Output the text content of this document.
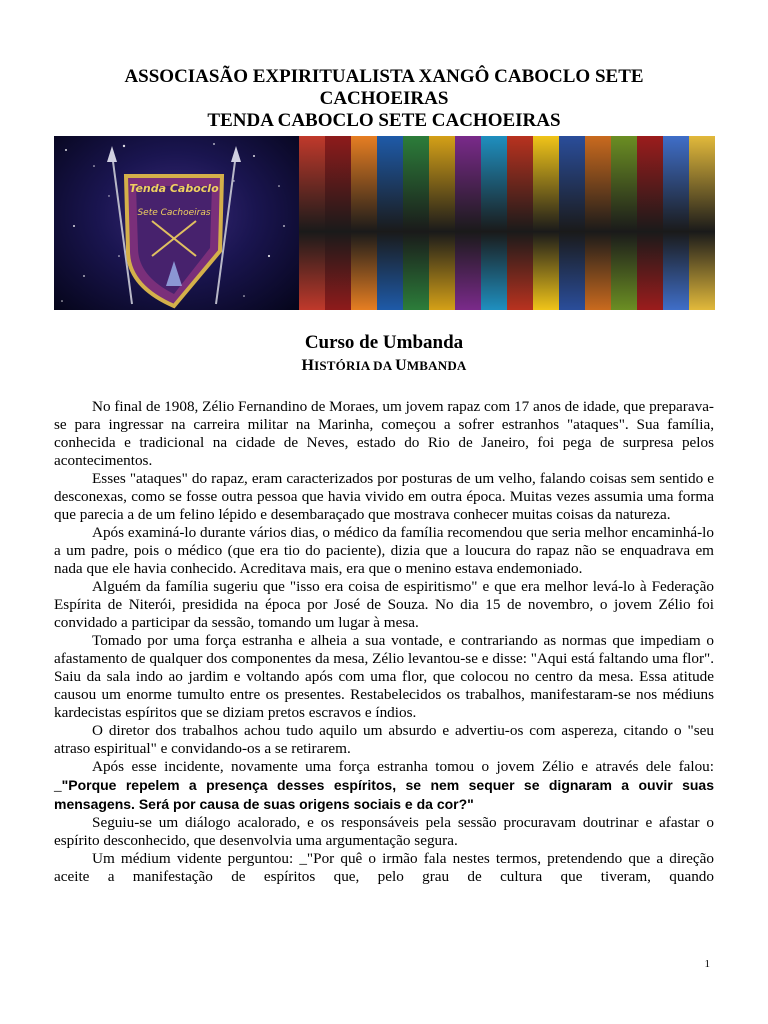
ASSOCIASÃO EXPIRITUALISTA XANGÔ CABOCLO SETE
CACHOEIRAS
TENDA CABOCLO SETE CACHOEIRAS
Tenda Caboclo
Sete Cachoeiras
Curso de Umbanda
HISTÓRIA DA UMBANDA

No final de 1908, Zélio Fernandino de Moraes, um jovem rapaz com 17 anos de idade, que preparava-se para ingressar na carreira militar na Marinha, começou a sofrer estranhos "ataques". Sua família, conhecida e tradicional na cidade de Neves, estado do Rio de Janeiro, foi pega de surpresa pelos acontecimentos.

Esses "ataques" do rapaz, eram caracterizados por posturas de um velho, falando coisas sem sentido e desconexas, como se fosse outra pessoa que havia vivido em outra época. Muitas vezes assumia uma forma que parecia a de um felino lépido e desembaraçado que mostrava conhecer muitas coisas da natureza.

Após examiná-lo durante vários dias, o médico da família recomendou que seria melhor encaminhá-lo a um padre, pois o médico (que era tio do paciente), dizia que a loucura do rapaz não se enquadrava em nada que ele havia conhecido. Acreditava mais, era que o menino estava endemoniado.

Alguém da família sugeriu que "isso era coisa de espiritismo" e que era melhor levá-lo à Federação Espírita de Niterói, presidida na época por José de Souza. No dia 15 de novembro, o jovem Zélio foi convidado a participar da sessão, tomando um lugar à mesa.

Tomado por uma força estranha e alheia a sua vontade, e contrariando as normas que impediam o afastamento de qualquer dos componentes da mesa, Zélio levantou-se e disse: "Aqui está faltando uma flor". Saiu da sala indo ao jardim e voltando após com uma flor, que colocou no centro da mesa. Essa atitude causou um enorme tumulto entre os presentes. Restabelecidos os trabalhos, manifestaram-se nos médiuns kardecistas espíritos que se diziam pretos escravos e índios.

O diretor dos trabalhos achou tudo aquilo um absurdo e advertiu-os com aspereza, citando o "seu atraso espiritual" e convidando-os a se retirarem.

Após esse incidente, novamente uma força estranha tomou o jovem Zélio e através dele falou: _"Porque repelem a presença desses espíritos, se nem sequer se dignaram a ouvir suas mensagens. Será por causa de suas origens sociais e da cor?"

Seguiu-se um diálogo acalorado, e os responsáveis pela sessão procuravam doutrinar e afastar o espírito desconhecido, que desenvolvia uma argumentação segura.

Um médium vidente perguntou: _"Por quê o irmão fala nestes termos, pretendendo que a direção aceite a manifestação de espíritos que, pelo grau de cultura que tiveram, quando

1
